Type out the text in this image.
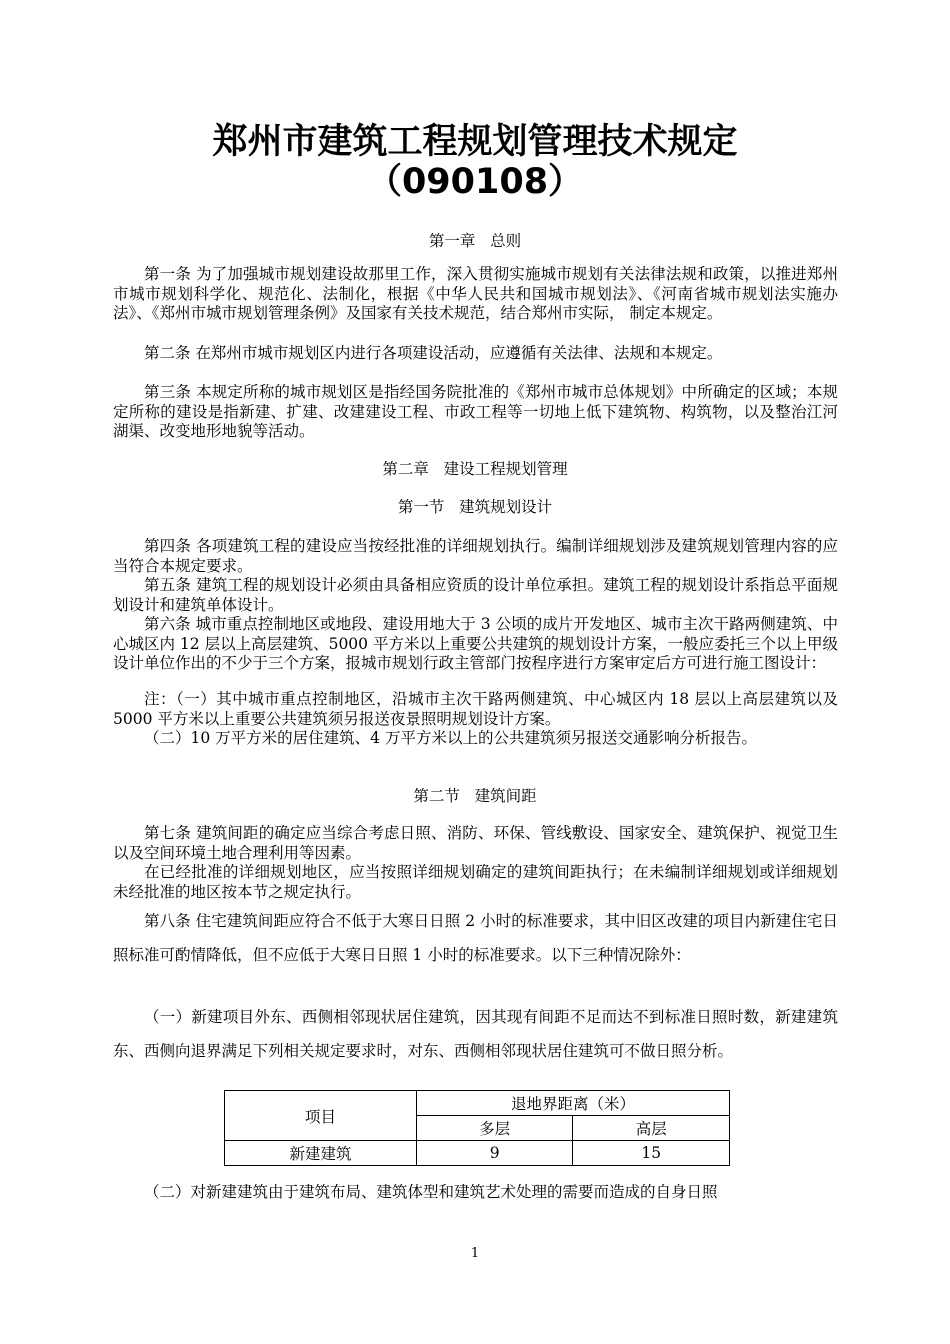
郑州市建筑工程规划管理技术规定
（090108）
第一章   总则

第一条 为了加强城市规划建设故那里工作，深入贯彻实施城市规划有关法律法规和政策，以推进郑州市城市规划科学化、规范化、法制化，根据《中华人民共和国城市规划法》、《河南省城市规划法实施办法》、《郑州市城市规划管理条例》及国家有关技术规范，结合郑州市实际， 制定本规定。

第二条 在郑州市城市规划区内进行各项建设活动，应遵循有关法律、法规和本规定。

第三条 本规定所称的城市规划区是指经国务院批准的《郑州市城市总体规划》中所确定的区域；本规定所称的建设是指新建、扩建、改建建设工程、市政工程等一切地上低下建筑物、构筑物，以及整治江河湖渠、改变地形地貌等活动。

第二章   建设工程规划管理
第一节   建筑规划设计

第四条 各项建筑工程的建设应当按经批准的详细规划执行。编制详细规划涉及建筑规划管理内容的应当符合本规定要求。

第五条 建筑工程的规划设计必须由具备相应资质的设计单位承担。建筑工程的规划设计系指总平面规划设计和建筑单体设计。

第六条 城市重点控制地区或地段、建设用地大于 3 公顷的成片开发地区、城市主次干路两侧建筑、中心城区内 12 层以上高层建筑、5000 平方米以上重要公共建筑的规划设计方案，一般应委托三个以上甲级设计单位作出的不少于三个方案，报城市规划行政主管部门按程序进行方案审定后方可进行施工图设计：

注：（一）其中城市重点控制地区，沿城市主次干路两侧建筑、中心城区内 18 层以上高层建筑以及 5000 平方米以上重要公共建筑须另报送夜景照明规划设计方案。

（二）10 万平方米的居住建筑、4 万平方米以上的公共建筑须另报送交通影响分析报告。

第二节   建筑间距

第七条 建筑间距的确定应当综合考虑日照、消防、环保、管线敷设、国家安全、建筑保护、视觉卫生以及空间环境土地合理利用等因素。

在已经批准的详细规划地区，应当按照详细规划确定的建筑间距执行；在未编制详细规划或详细规划未经批准的地区按本节之规定执行。

第八条 住宅建筑间距应符合不低于大寒日日照 2 小时的标准要求，其中旧区改建的项目内新建住宅日照标准可酌情降低，但不应低于大寒日日照 1 小时的标准要求。以下三种情况除外：

（一）新建项目外东、西侧相邻现状居住建筑，因其现有间距不足而达不到标准日照时数，新建建筑东、西侧向退界满足下列相关规定要求时，对东、西侧相邻现状居住建筑可不做日照分析。

项目	退地界距离（米）	
	多层	高层
新建建筑	9	15

（二）对新建建筑由于建筑布局、建筑体型和建筑艺术处理的需要而造成的自身日照

1
